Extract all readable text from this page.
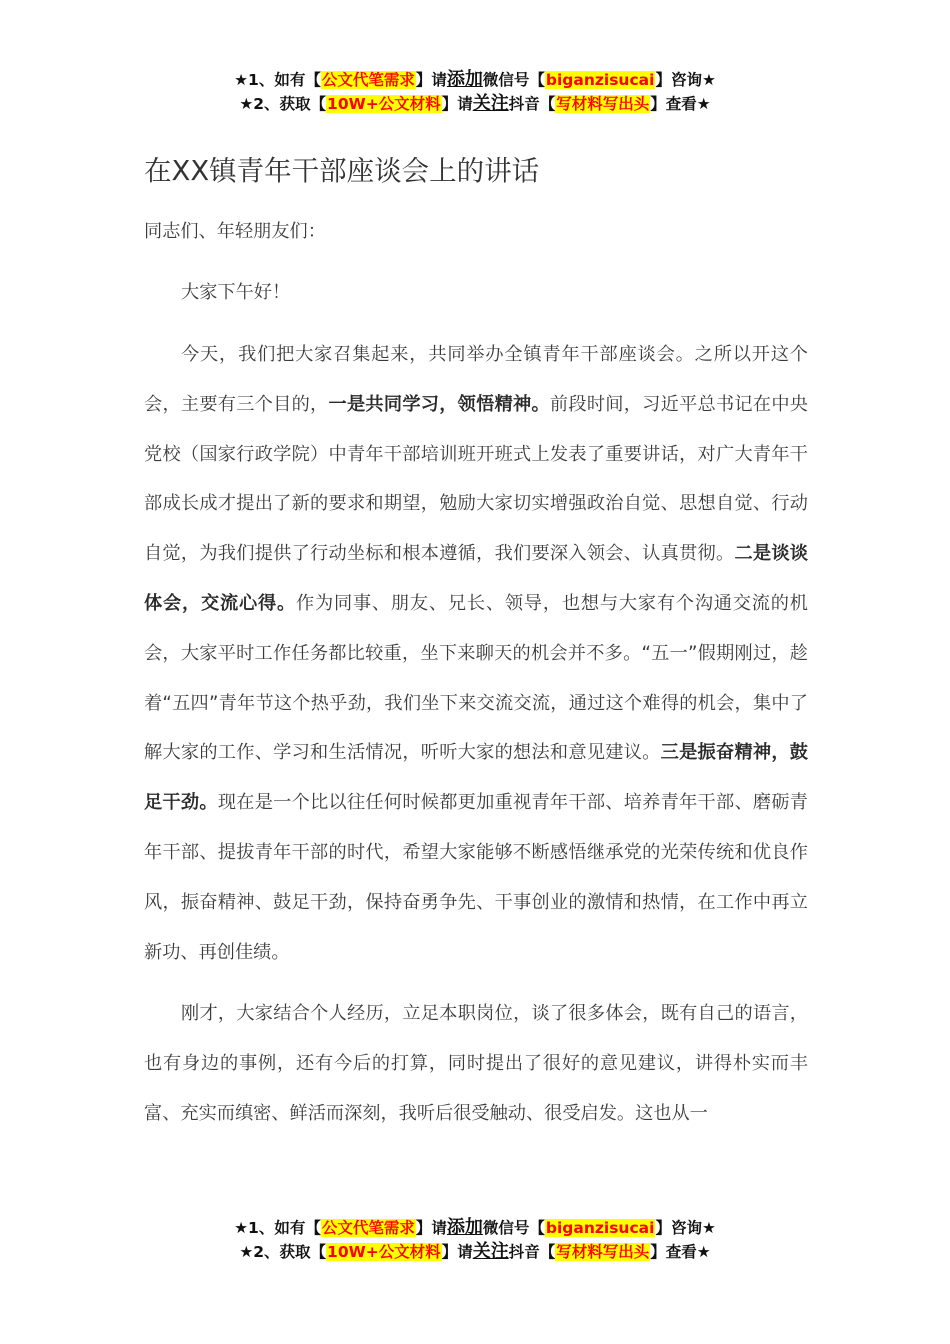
★1、如有【公文代笔需求】请添加微信号【biganzisucai】咨询★
★2、获取【10W+公文材料】请关注抖音【写材料写出头】查看★
在XX镇青年干部座谈会上的讲话

同志们、年轻朋友们：

大家下午好！

今天，我们把大家召集起来，共同举办全镇青年干部座谈会。之所以开这个会，主要有三个目的，一是共同学习，领悟精神。前段时间，习近平总书记在中央党校（国家行政学院）中青年干部培训班开班式上发表了重要讲话，对广大青年干部成长成才提出了新的要求和期望，勉励大家切实增强政治自觉、思想自觉、行动自觉，为我们提供了行动坐标和根本遵循，我们要深入领会、认真贯彻。二是谈谈体会，交流心得。作为同事、朋友、兄长、领导，也想与大家有个沟通交流的机会，大家平时工作任务都比较重，坐下来聊天的机会并不多。“五一”假期刚过，趁着“五四”青年节这个热乎劲，我们坐下来交流交流，通过这个难得的机会，集中了解大家的工作、学习和生活情况，听听大家的想法和意见建议。三是振奋精神，鼓足干劲。现在是一个比以往任何时候都更加重视青年干部、培养青年干部、磨砺青年干部、提拔青年干部的时代，希望大家能够不断感悟继承党的光荣传统和优良作风，振奋精神、鼓足干劲，保持奋勇争先、干事创业的激情和热情，在工作中再立新功、再创佳绩。

刚才，大家结合个人经历，立足本职岗位，谈了很多体会，既有自己的语言，也有身边的事例，还有今后的打算，同时提出了很好的意见建议，讲得朴实而丰富、充实而缜密、鲜活而深刻，我听后很受触动、很受启发。这也从一

★1、如有【公文代笔需求】请添加微信号【biganzisucai】咨询★
★2、获取【10W+公文材料】请关注抖音【写材料写出头】查看★
